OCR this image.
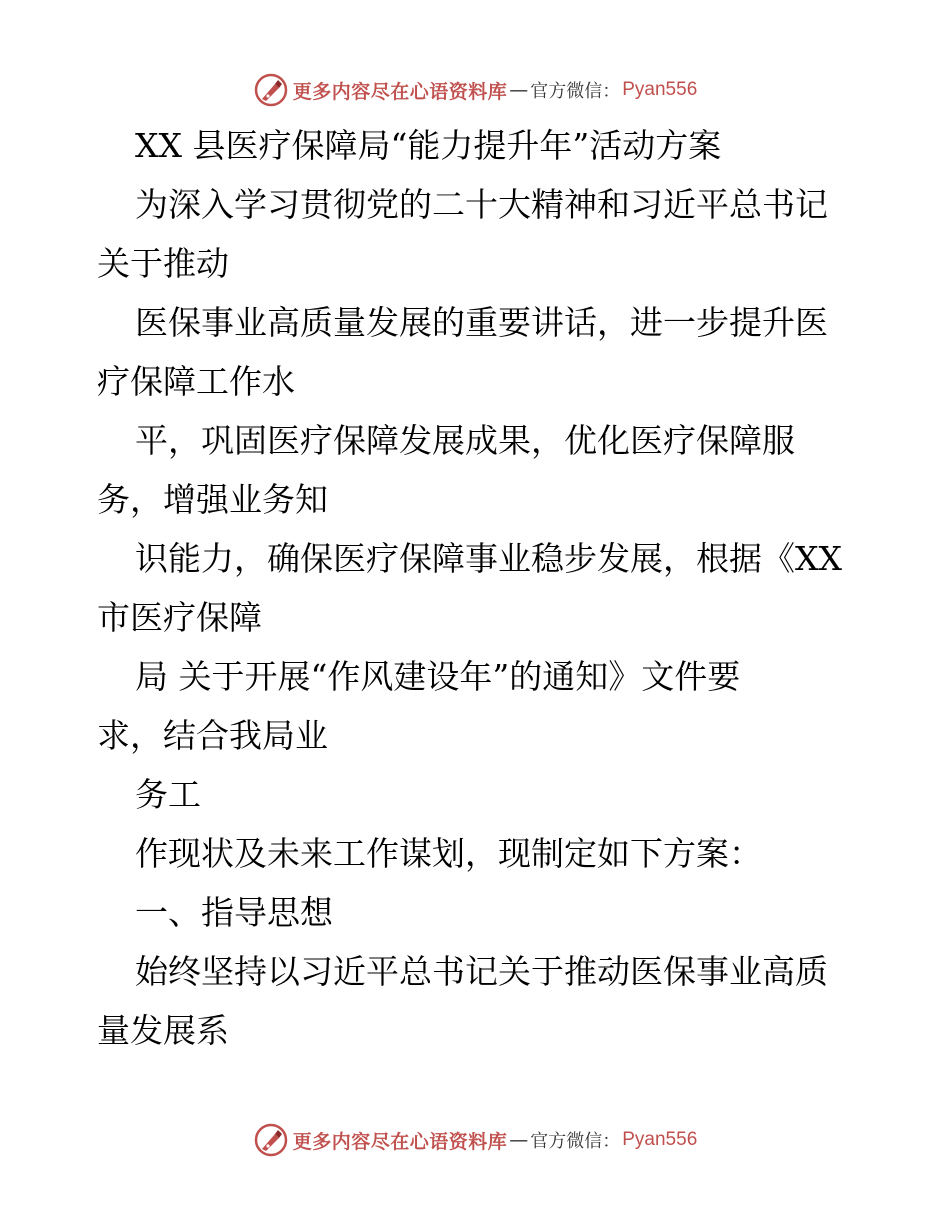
更多内容尽在心语资料库 — 官方微信： Pyan556
XX 县医疗保障局“能力提升年”活动方案
为深入学习贯彻党的二十大精神和习近平总书记
关于推动
医保事业高质量发展的重要讲话，进一步提升医
疗保障工作水
平，巩固医疗保障发展成果，优化医疗保障服
务，增强业务知
识能力，确保医疗保障事业稳步发展，根据《XX
市医疗保障
局 关于开展“作风建设年”的通知》文件要
求，结合我局业
务工
作现状及未来工作谋划，现制定如下方案：
一、指导思想
始终坚持以习近平总书记关于推动医保事业高质
量发展系
更多内容尽在心语资料库 — 官方微信： Pyan556
